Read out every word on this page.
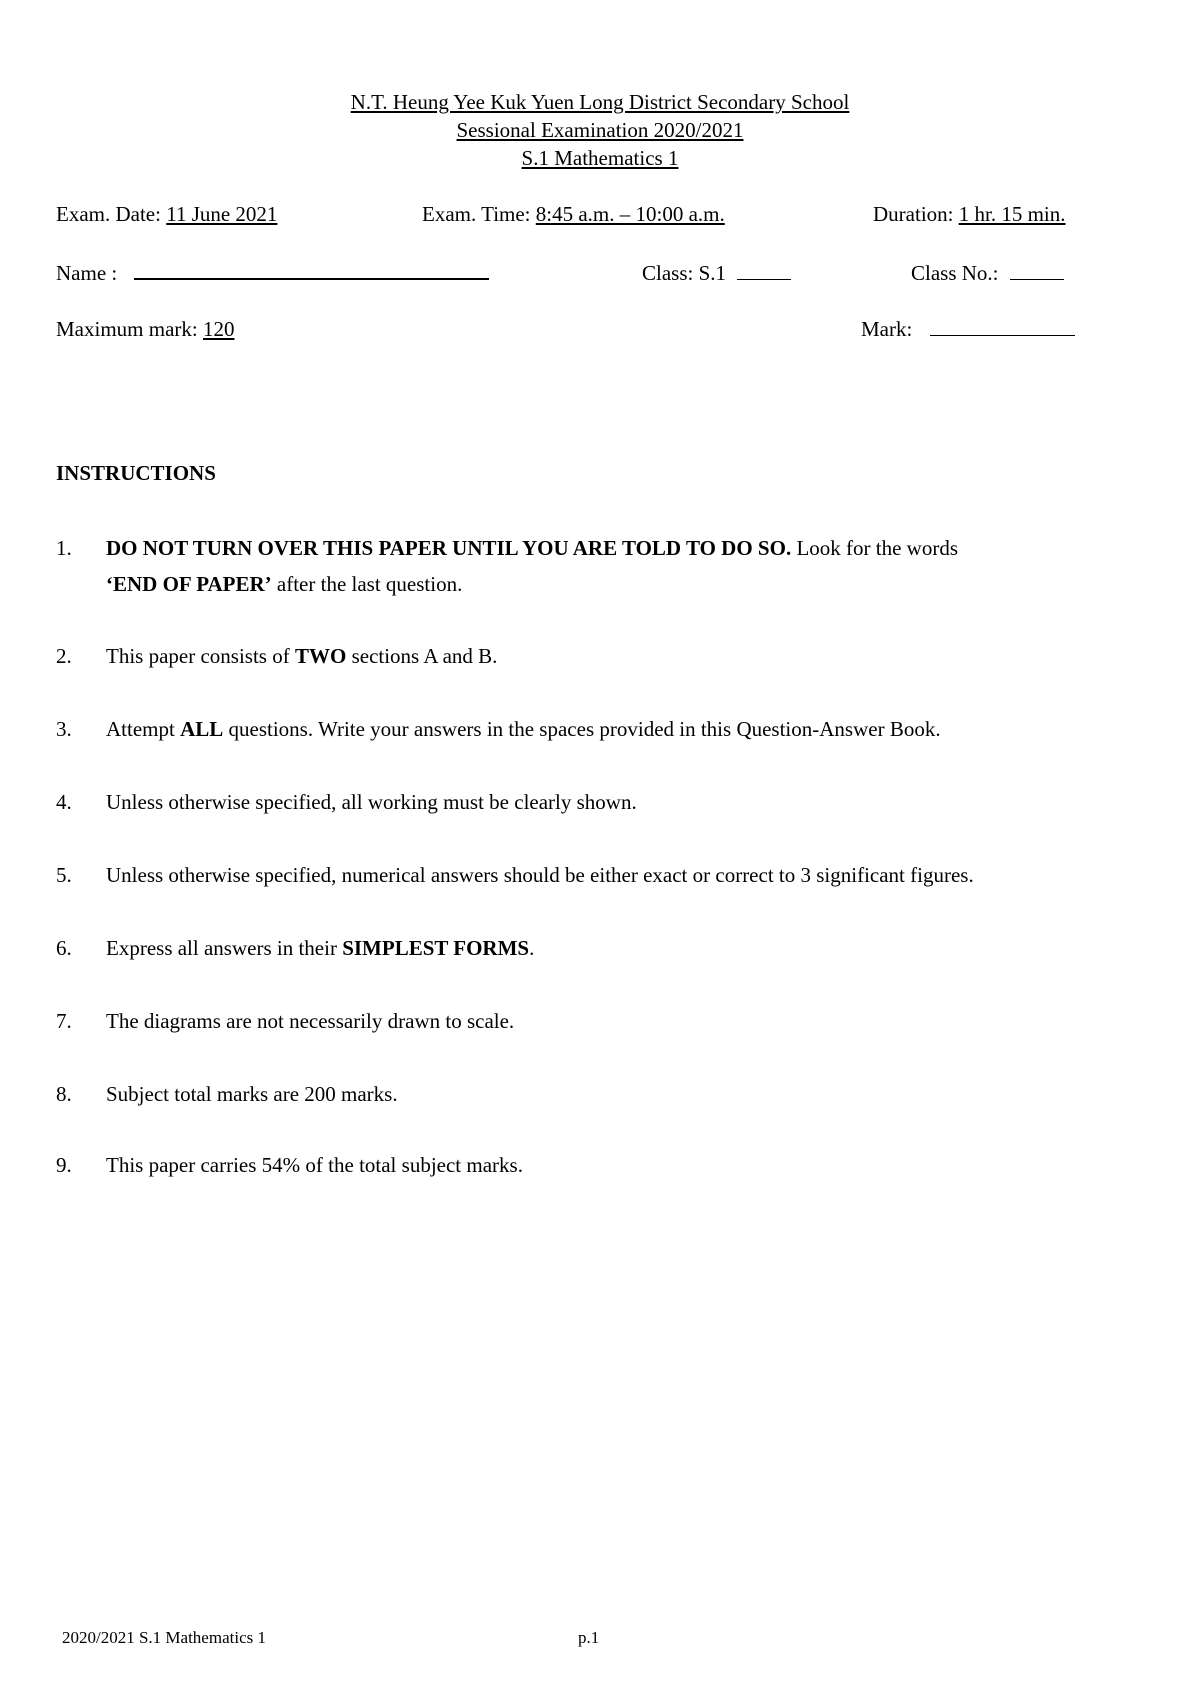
N.T. Heung Yee Kuk Yuen Long District Secondary School
Sessional Examination 2020/2021
S.1 Mathematics 1
Exam. Date: 11 June 2021	Exam. Time: 8:45 a.m. – 10:00 a.m.	Duration: 1 hr. 15 min.
Name :	Class: S.1	Class No.:
Maximum mark: 120	Mark:
INSTRUCTIONS
1.	DO NOT TURN OVER THIS PAPER UNTIL YOU ARE TOLD TO DO SO. Look for the words
‘END OF PAPER’ after the last question.
2.	This paper consists of TWO sections A and B.
3.	Attempt ALL questions. Write your answers in the spaces provided in this Question-Answer Book.
4.	Unless otherwise specified, all working must be clearly shown.
5.	Unless otherwise specified, numerical answers should be either exact or correct to 3 significant figures.
6.	Express all answers in their SIMPLEST FORMS.
7.	The diagrams are not necessarily drawn to scale.
8.	Subject total marks are 200 marks.
9.	This paper carries 54% of the total subject marks.
2020/2021 S.1 Mathematics 1	p.1
